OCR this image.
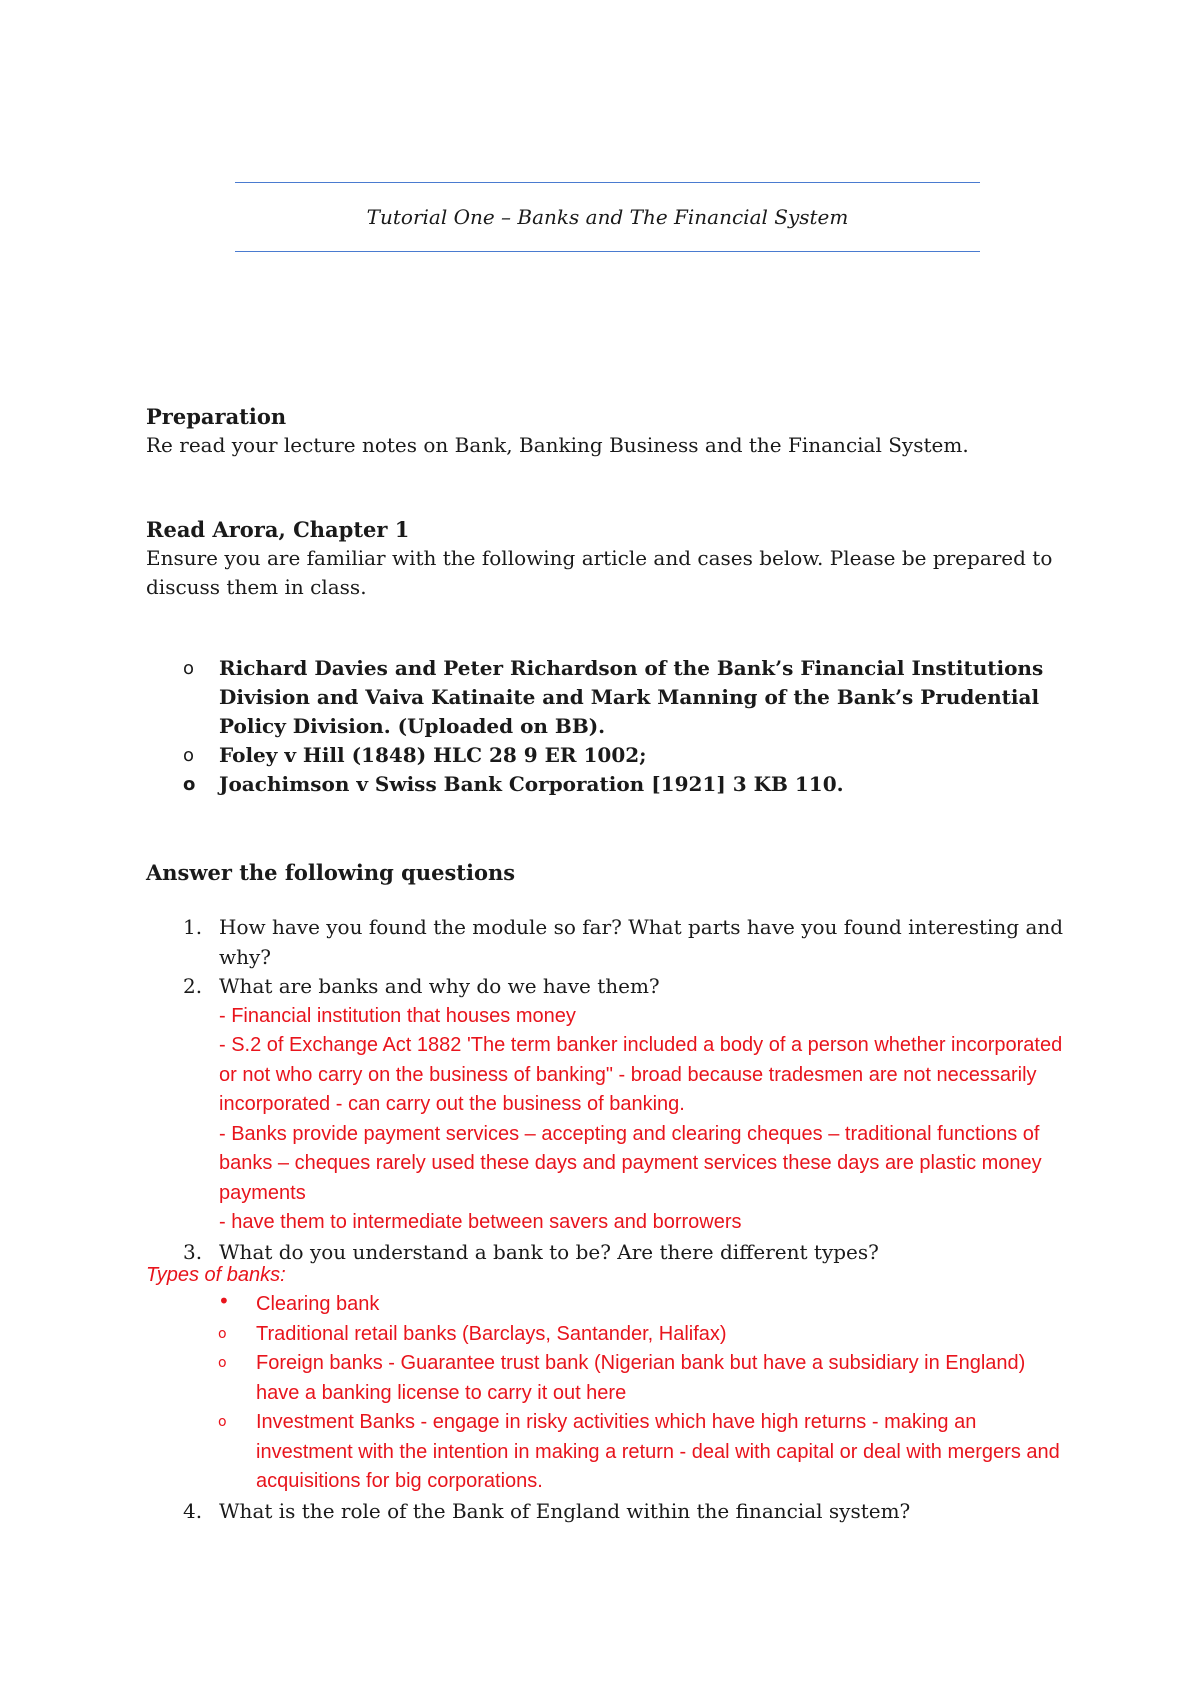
Tutorial One – Banks and The Financial System
Preparation
Re read your lecture notes on Bank, Banking Business and the Financial System.
Read Arora, Chapter 1
Ensure you are familiar with the following article and cases below. Please be prepared to discuss them in class.
o Richard Davies and Peter Richardson of the Bank’s Financial Institutions Division and Vaiva Katinaite and Mark Manning of the Bank’s Prudential Policy Division. (Uploaded on BB).
o Foley v Hill (1848) HLC 28 9 ER 1002;
o Joachimson v Swiss Bank Corporation [1921] 3 KB 110.
Answer the following questions
1. How have you found the module so far? What parts have you found interesting and why?
2. What are banks and why do we have them?
- Financial institution that houses money
- S.2 of Exchange Act 1882 'The term banker included a body of a person whether incorporated or not who carry on the business of banking" - broad because tradesmen are not necessarily incorporated - can carry out the business of banking.
- Banks provide payment services – accepting and clearing cheques – traditional functions of banks – cheques rarely used these days and payment services these days are plastic money payments
- have them to intermediate between savers and borrowers
3. What do you understand a bank to be? Are there different types?
Types of banks:
• Clearing bank
o Traditional retail banks (Barclays, Santander, Halifax)
o Foreign banks - Guarantee trust bank (Nigerian bank but have a subsidiary in England) have a banking license to carry it out here
o Investment Banks - engage in risky activities which have high returns - making an investment with the intention in making a return - deal with capital or deal with mergers and acquisitions for big corporations.
4. What is the role of the Bank of England within the financial system?
